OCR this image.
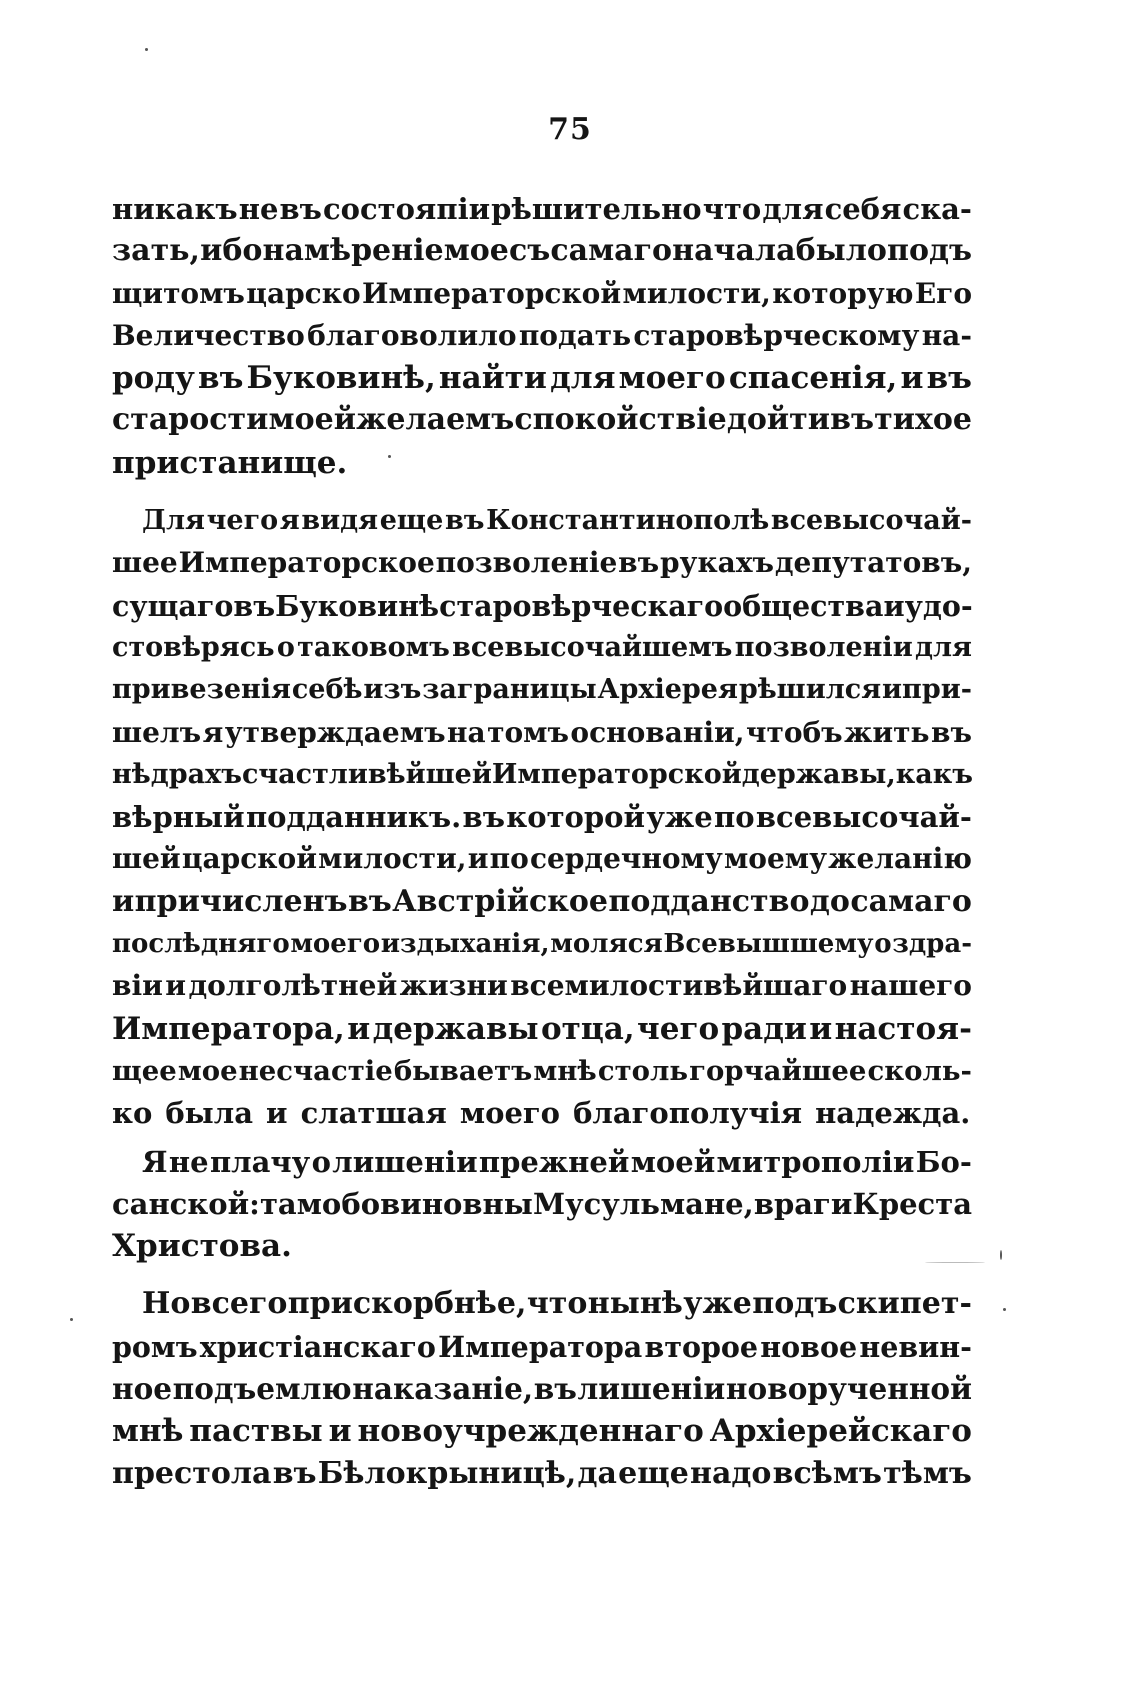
75
никакъ не въ состояпіи рѣшительно что для себя ска-
зать, ибо намѣреніе мое съ самаго начала было подъ
щитомъ царско Императорской милости, которую Его
Величество благоволило подать старовѣрческому на-
роду въ Буковинѣ, найти для моего спасенія, и въ
старости моей желаемъ спокойствіе дойти въ тихое
пристанище.
Для чего я видя еще въ Константинополѣ всевысочай-
шее Императорское позволеніе въ рукахъ депутатовъ,
сущаго въ Буковинѣ старовѣрческаго общества и удо-
стовѣрясь о таковомъ всевысочайшемъ позволеніи для
привезенія себѣ изъ заграницы Архіерея рѣшился ипри-
шелъ я утверждаемъ на томъ основаніи, чтобъ жить въ
нѣдрахъ счастливѣйшей Императорской державы, какъ
вѣрный подданникъ. въ которой уже по всевысочай-
шей царской милости, и по сердечному моему желанію
и причисленъ въ Австрійское подданство до самаго
послѣдняго моего издыханія, моляся Всевышшему о здра-
віи и долголѣтней жизни всемилостивѣйшаго нашего
Императора, и державы отца, чего ради и настоя-
щее мое несчастіе бываетъ мнѣ столь горчайшее сколь-
ко была и слатшая моего благополучія надежда.
Я не плачу о лишеніи прежней моей митрополіи Бо-
санской: тамо бо виновны Мусульмане, враги Креста
Христова.
Но всего прискорбнѣе, что нынѣ уже подъ скипет-
ромъ христіанскаго Императора второе новое невин-
ное подъемлю наказаніе, въ лишеніи новорученной
мнѣ паствы и новоучрежденнаго Архіерейскаго
престола въ Бѣлокрыницѣ, да еще надо всѣмъ тѣмъ
